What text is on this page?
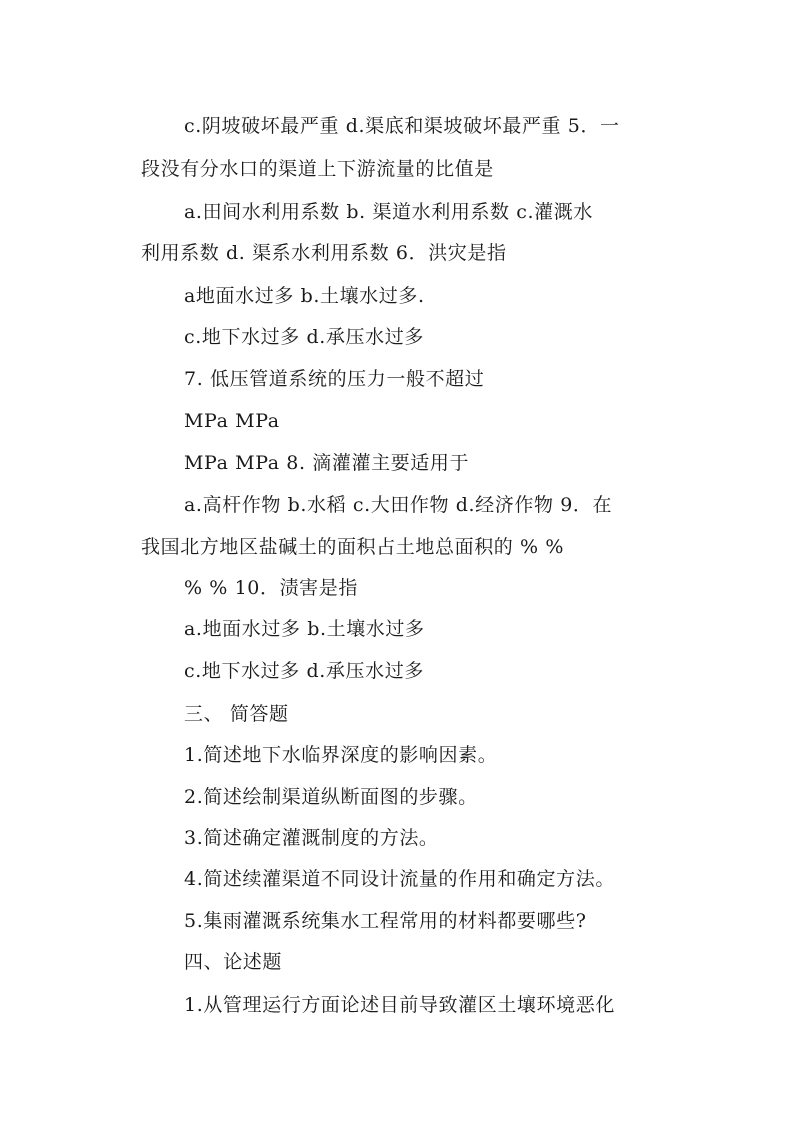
c.阴坡破坏最严重 d.渠底和渠坡破坏最严重 5．一
段没有分水口的渠道上下游流量的比值是
a.田间水利用系数 b. 渠道水利用系数 c.灌溉水
利用系数 d. 渠系水利用系数 6．洪灾是指
a地面水过多 b.土壤水过多.
c.地下水过多 d.承压水过多
7. 低压管道系统的压力一般不超过
MPa MPa
MPa MPa 8. 滴灌灌主要适用于
a.高杆作物 b.水稻 c.大田作物 d.经济作物 9．在
我国北方地区盐碱土的面积占土地总面积的 % %
% % 10．渍害是指
a.地面水过多 b.土壤水过多
c.地下水过多 d.承压水过多
三、 简答题
1.简述地下水临界深度的影响因素。
2.简述绘制渠道纵断面图的步骤。
3.简述确定灌溉制度的方法。
4.简述续灌渠道不同设计流量的作用和确定方法。
5.集雨灌溉系统集水工程常用的材料都要哪些?
四、论述题
1.从管理运行方面论述目前导致灌区土壤环境恶化
